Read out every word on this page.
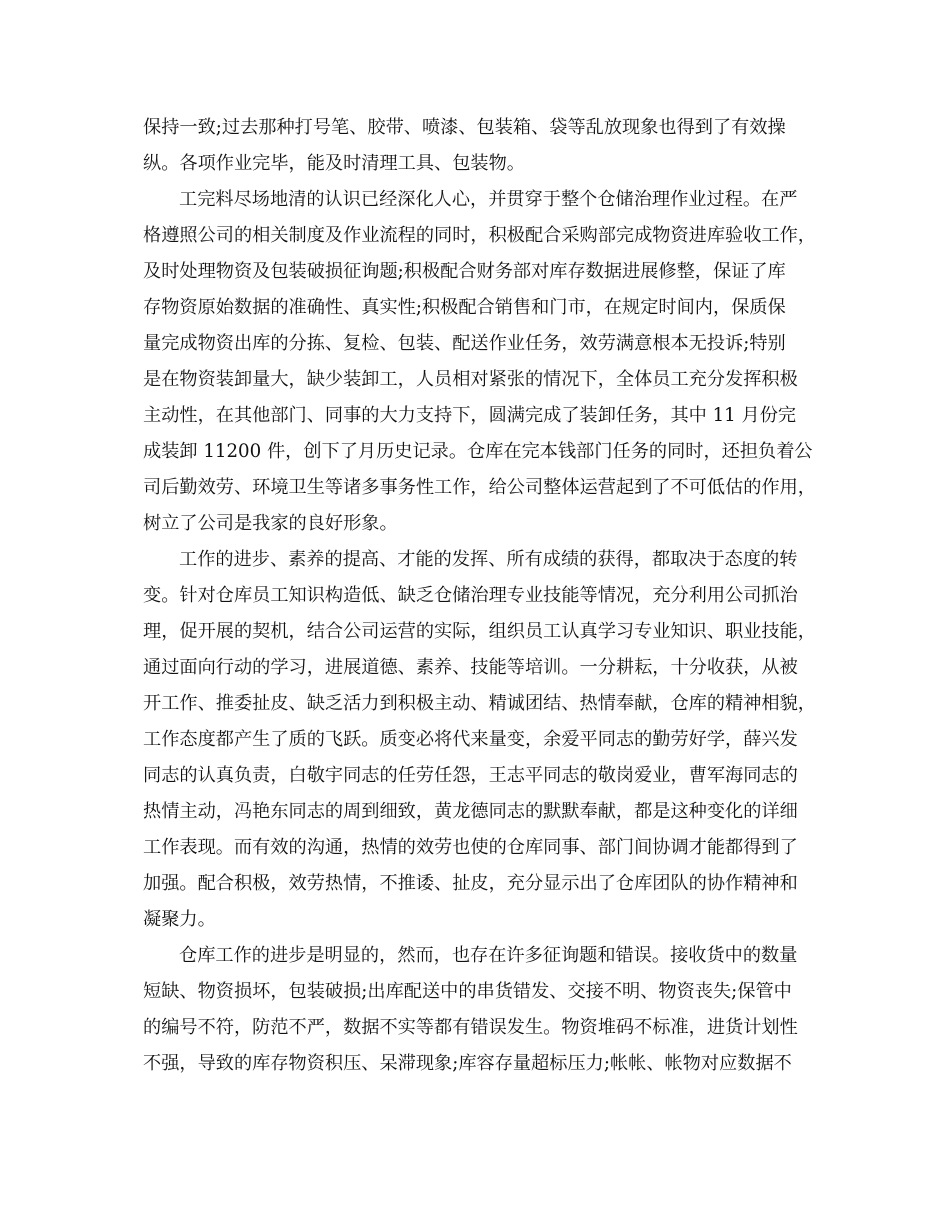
保持一致;过去那种打号笔、胶带、喷漆、包装箱、袋等乱放现象也得到了有效操
纵。各项作业完毕，能及时清理工具、包装物。
工完料尽场地清的认识已经深化人心，并贯穿于整个仓储治理作业过程。在严
格遵照公司的相关制度及作业流程的同时，积极配合采购部完成物资进库验收工作，
及时处理物资及包装破损征询题;积极配合财务部对库存数据进展修整，保证了库
存物资原始数据的准确性、真实性;积极配合销售和门市，在规定时间内，保质保
量完成物资出库的分拣、复检、包装、配送作业任务，效劳满意根本无投诉;特别
是在物资装卸量大，缺少装卸工，人员相对紧张的情况下，全体员工充分发挥积极
主动性，在其他部门、同事的大力支持下，圆满完成了装卸任务，其中 11 月份完
成装卸 11200 件，创下了月历史记录。仓库在完本钱部门任务的同时，还担负着公
司后勤效劳、环境卫生等诸多事务性工作，给公司整体运营起到了不可低估的作用，
树立了公司是我家的良好形象。
工作的进步、素养的提高、才能的发挥、所有成绩的获得，都取决于态度的转
变。针对仓库员工知识构造低、缺乏仓储治理专业技能等情况，充分利用公司抓治
理，促开展的契机，结合公司运营的实际，组织员工认真学习专业知识、职业技能，
通过面向行动的学习，进展道德、素养、技能等培训。一分耕耘，十分收获，从被
开工作、推委扯皮、缺乏活力到积极主动、精诚团结、热情奉献，仓库的精神相貌，
工作态度都产生了质的飞跃。质变必将代来量变，余爱平同志的勤劳好学，薛兴发
同志的认真负责，白敬宇同志的任劳任怨，王志平同志的敬岗爱业，曹军海同志的
热情主动，冯艳东同志的周到细致，黄龙德同志的默默奉献，都是这种变化的详细
工作表现。而有效的沟通，热情的效劳也使的仓库同事、部门间协调才能都得到了
加强。配合积极，效劳热情，不推诿、扯皮，充分显示出了仓库团队的协作精神和
凝聚力。
仓库工作的进步是明显的，然而，也存在许多征询题和错误。接收货中的数量
短缺、物资损坏，包装破损;出库配送中的串货错发、交接不明、物资丧失;保管中
的编号不符，防范不严，数据不实等都有错误发生。物资堆码不标准，进货计划性
不强，导致的库存物资积压、呆滞现象;库容存量超标压力;帐帐、帐物对应数据不
